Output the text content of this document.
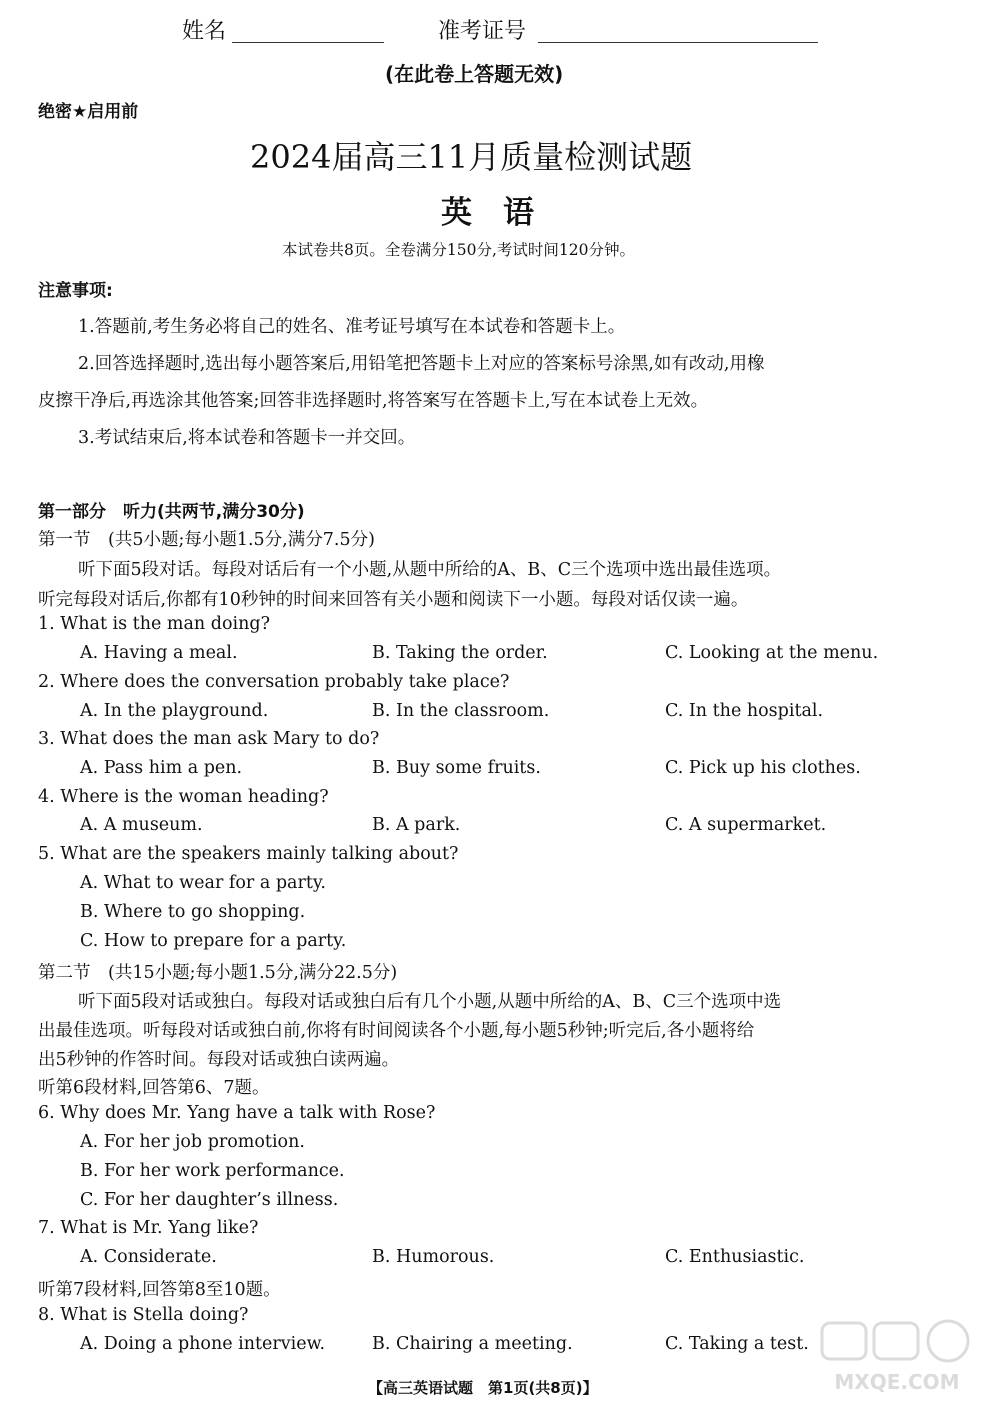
姓名	准考证号
(在此卷上答题无效)
绝密★启用前
2024届高三11月质量检测试题
英　语
本试卷共8页。全卷满分150分,考试时间120分钟。
注意事项:
1.答题前,考生务必将自己的姓名、准考证号填写在本试卷和答题卡上。
2.回答选择题时,选出每小题答案后,用铅笔把答题卡上对应的答案标号涂黑,如有改动,用橡
皮擦干净后,再选涂其他答案;回答非选择题时,将答案写在答题卡上,写在本试卷上无效。
3.考试结束后,将本试卷和答题卡一并交回。
第一部分　听力(共两节,满分30分)
第一节　(共5小题;每小题1.5分,满分7.5分)
听下面5段对话。每段对话后有一个小题,从题中所给的A、B、C三个选项中选出最佳选项。
听完每段对话后,你都有10秒钟的时间来回答有关小题和阅读下一小题。每段对话仅读一遍。
1. What is the man doing?
A. Having a meal.	B. Taking the order.	C. Looking at the menu.
2. Where does the conversation probably take place?
A. In the playground.	B. In the classroom.	C. In the hospital.
3. What does the man ask Mary to do?
A. Pass him a pen.	B. Buy some fruits.	C. Pick up his clothes.
4. Where is the woman heading?
A. A museum.	B. A park.	C. A supermarket.
5. What are the speakers mainly talking about?
A. What to wear for a party.
B. Where to go shopping.
C. How to prepare for a party.
第二节　(共15小题;每小题1.5分,满分22.5分)
听下面5段对话或独白。每段对话或独白后有几个小题,从题中所给的A、B、C三个选项中选
出最佳选项。听每段对话或独白前,你将有时间阅读各个小题,每小题5秒钟;听完后,各小题将给
出5秒钟的作答时间。每段对话或独白读两遍。
听第6段材料,回答第6、7题。
6. Why does Mr. Yang have a talk with Rose?
A. For her job promotion.
B. For her work performance.
C. For her daughter’s illness.
7. What is Mr. Yang like?
A. Considerate.	B. Humorous.	C. Enthusiastic.
听第7段材料,回答第8至10题。
8. What is Stella doing?
A. Doing a phone interview.	B. Chairing a meeting.	C. Taking a test.
【高三英语试题　第1页(共8页)】	MXQE.COM
